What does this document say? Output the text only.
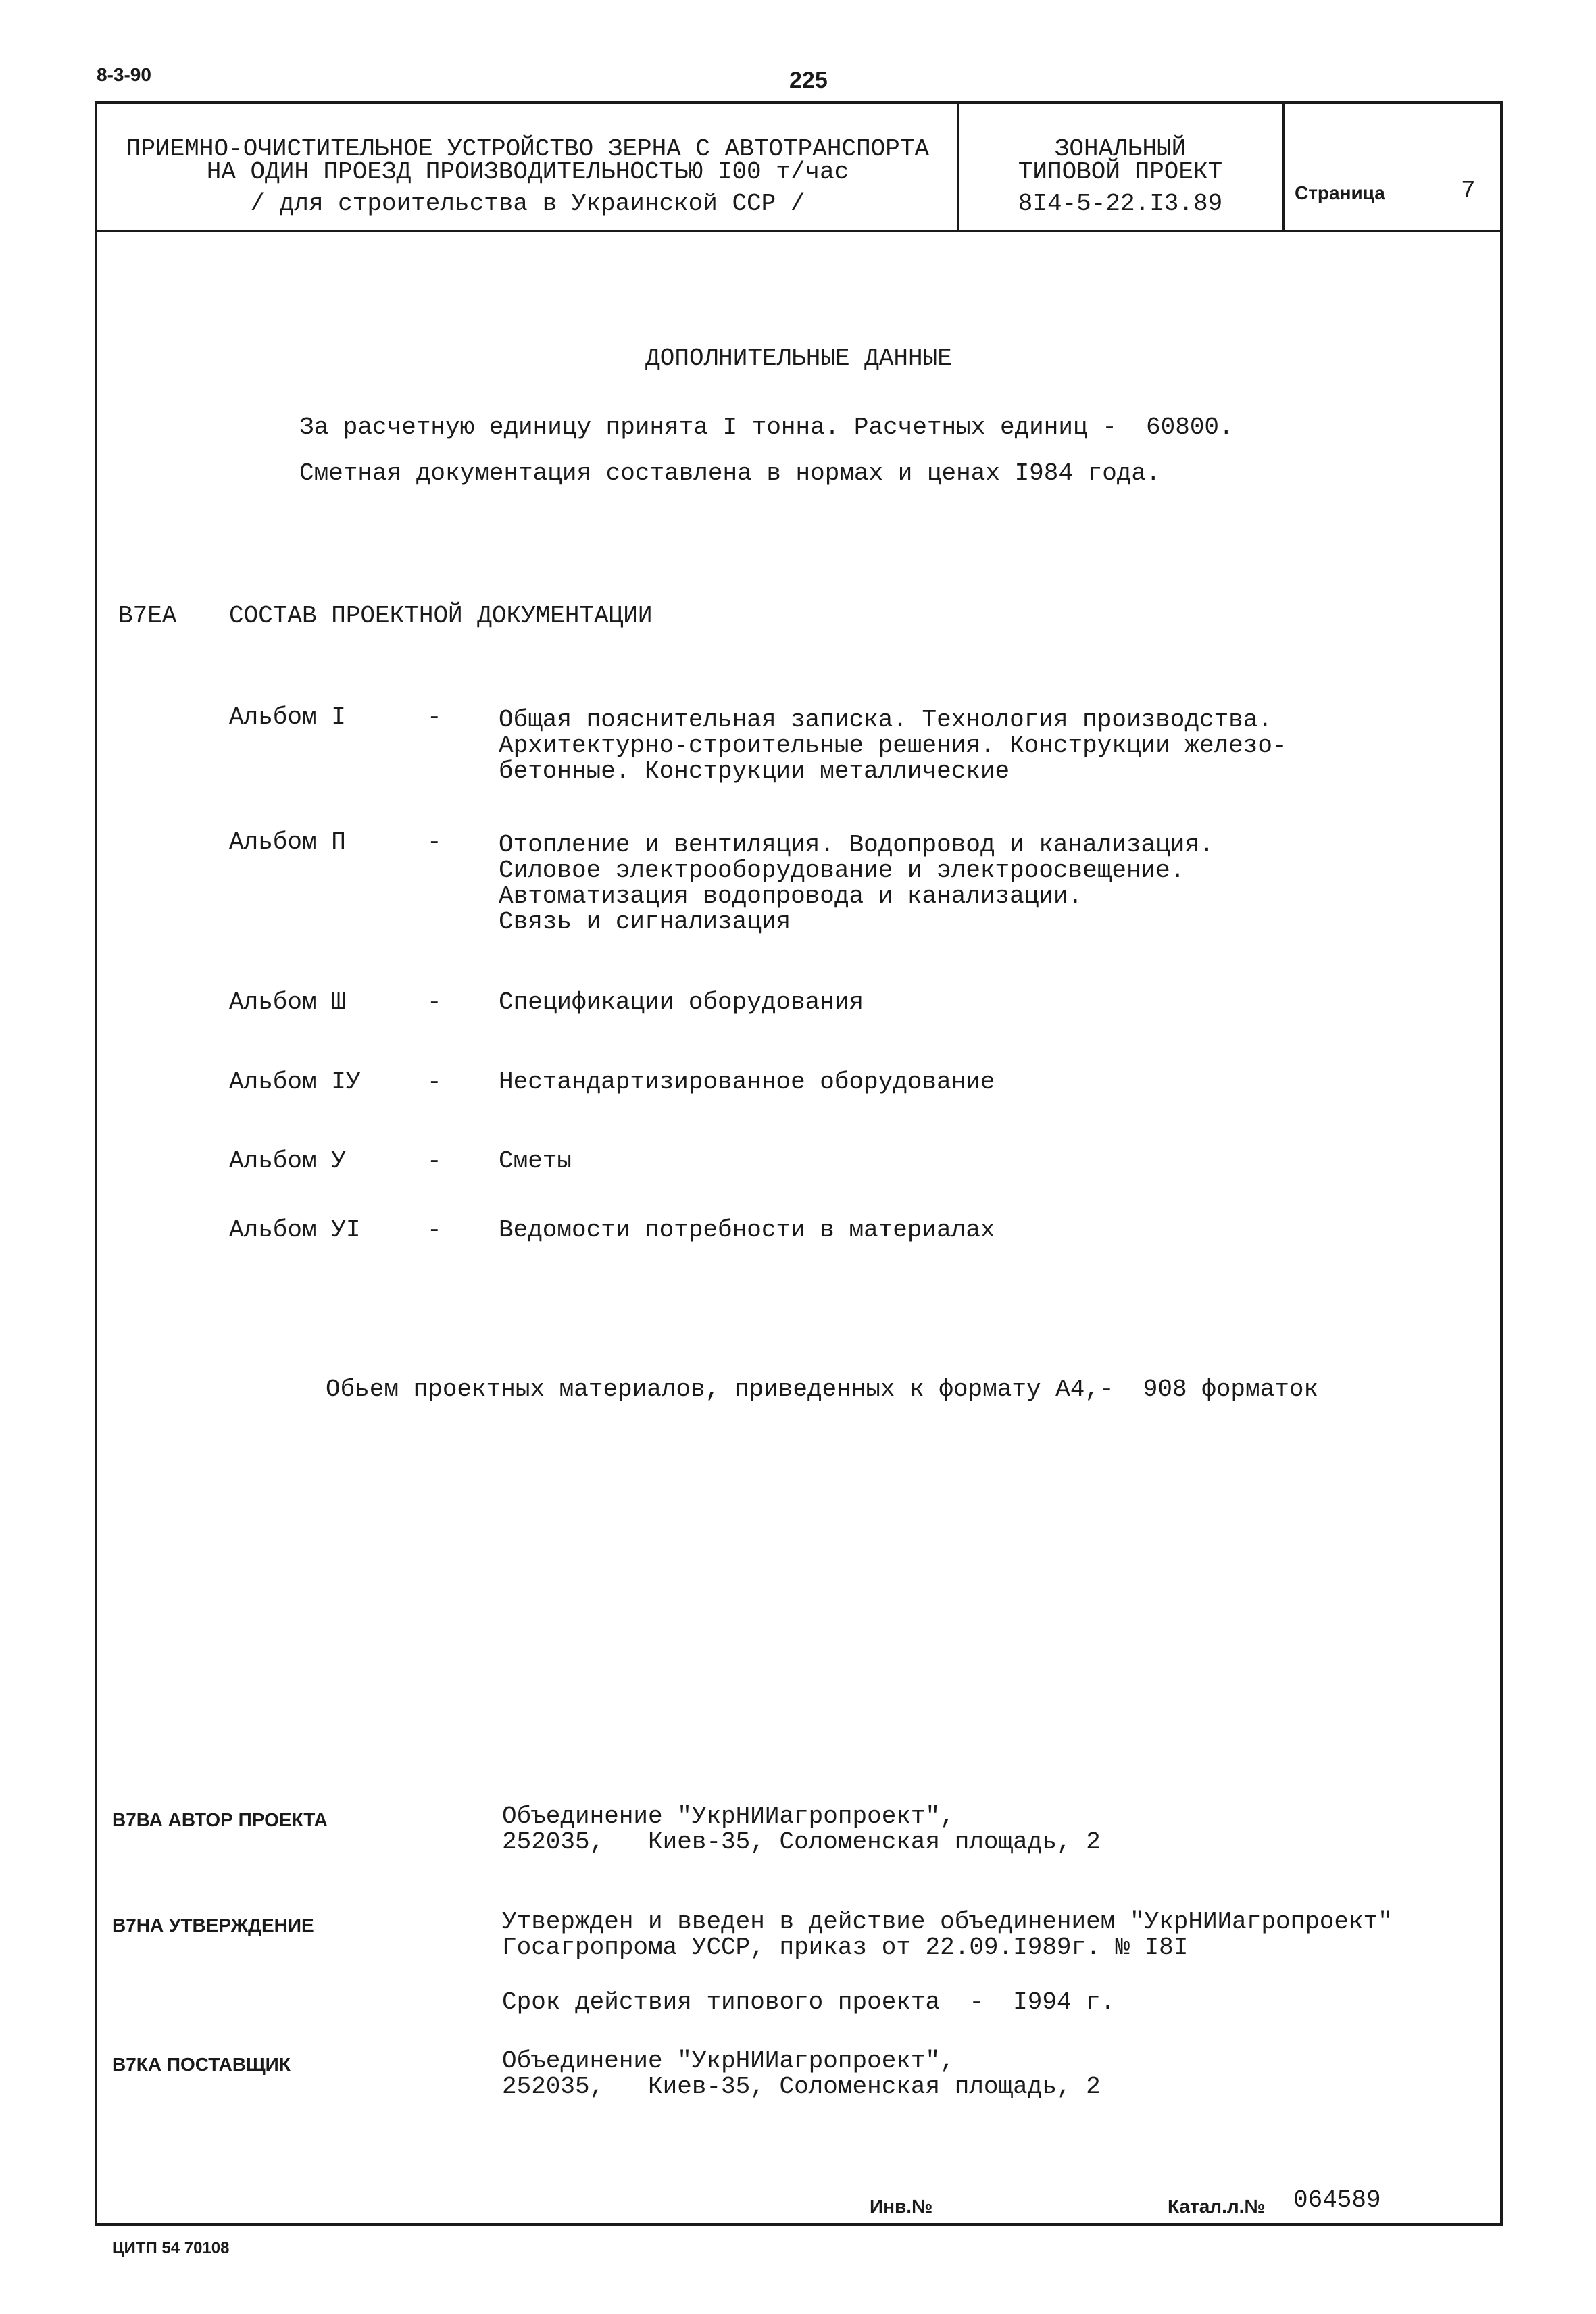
8-3-90	225
ПРИЕМНО-ОЧИСТИТЕЛЬНОЕ УСТРОЙСТВО ЗЕРНА С АВТОТРАНСПОРТА
НА ОДИН ПРОЕЗД ПРОИЗВОДИТЕЛЬНОСТЬЮ I00 т/час
/ для строительства в Украинской ССР /
ЗОНАЛЬНЫЙ
ТИПОВОЙ ПРОЕКТ
8I4-5-22.I3.89	Страница	7
ДОПОЛНИТЕЛЬНЫЕ ДАННЫЕ
За расчетную единицу принята I тонна. Расчетных единиц -  60800.
Сметная документация составлена в нормах и ценах I984 года.
В7ЕА СОСТАВ ПРОЕКТНОЙ ДОКУМЕНТАЦИИ
Альбом I	- Общая пояснительная записка. Технология производства.
Архитектурно-строительные решения. Конструкции железо-
бетонные. Конструкции металлические
Альбом П	- Отопление и вентиляция. Водопровод и канализация.
Силовое электрооборудование и электроосвещение.
Автоматизация водопровода и канализации.
Связь и сигнализация
Альбом Ш	- Спецификации оборудования
Альбом IУ	- Нестандартизированное оборудование
Альбом У	- Сметы
Альбом УI	- Ведомости потребности в материалах
Обьем проектных материалов, приведенных к формату А4,-  908 форматок
В7ВА АВТОР ПРОЕКТА	Объединение "УкрНИИагропроект",
252035,   Киев-35, Соломенская площадь, 2
В7НА УТВЕРЖДЕНИЕ	Утвержден и введен в действие объединением "УкрНИИагропроект"
Госагропрома УССР, приказ от 22.09.I989г. № I8I
Срок действия типового проекта  -  I994 г.
В7КА ПОСТАВЩИК	Объединение "УкрНИИагропроект",
252035,   Киев-35, Соломенская площадь, 2
Инв.№	Катал.л.№ 064589
ЦИТП 54 70108
